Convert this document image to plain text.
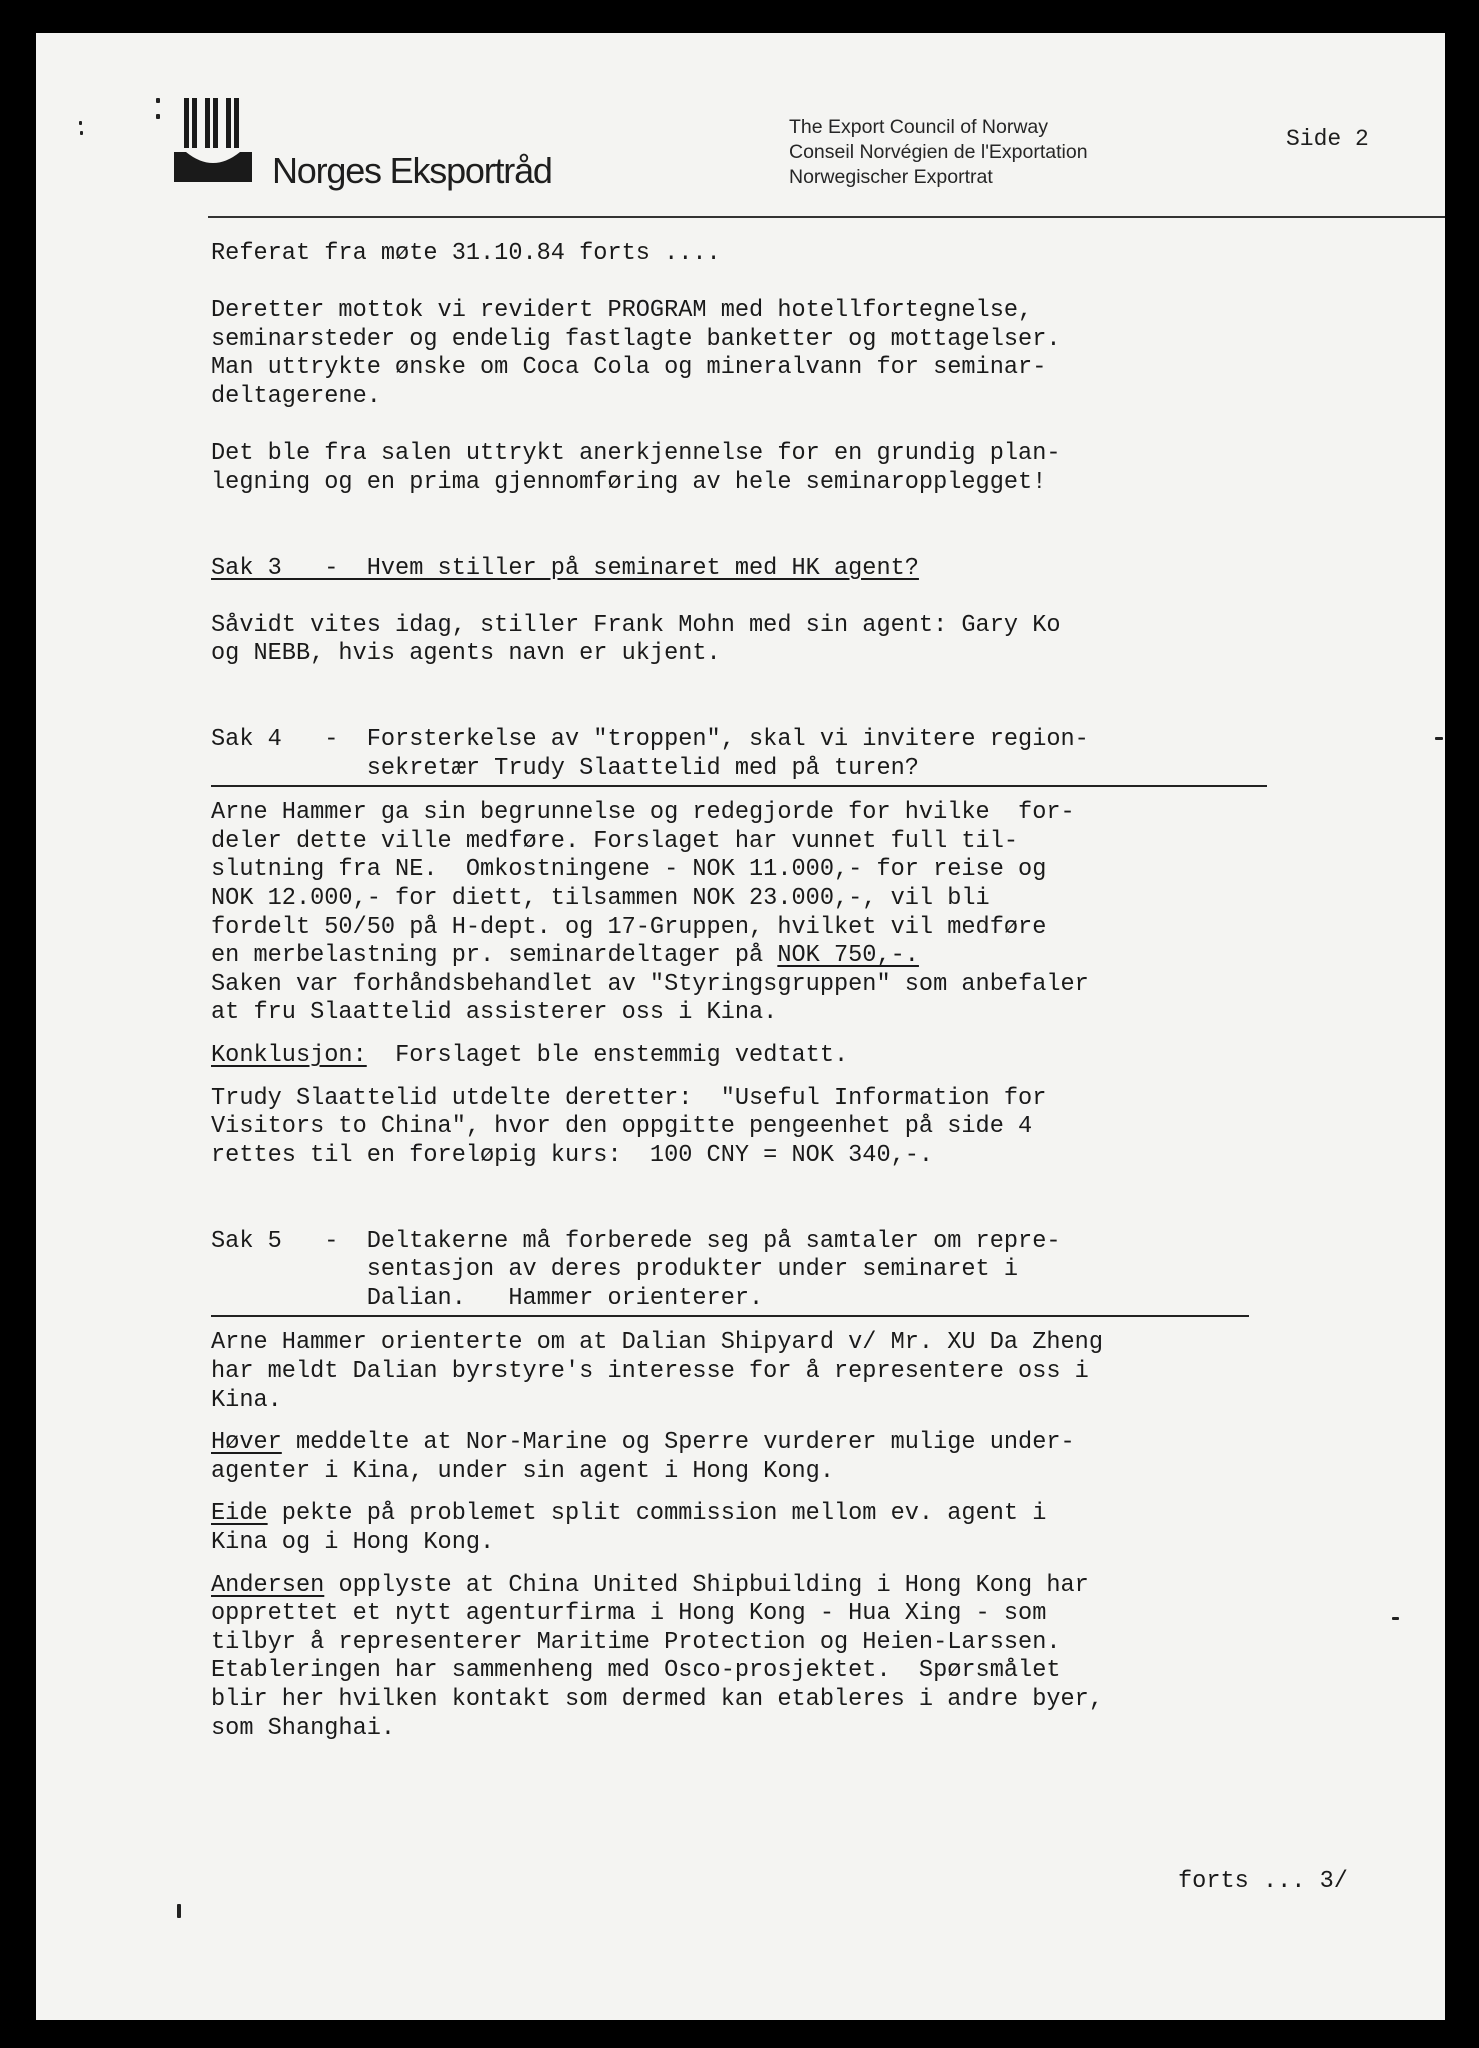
Norges Eksportråd
The Export Council of Norway
Conseil Norvégien de l'Exportation
Norwegischer Exportrat
Side 2
Referat fra møte 31.10.84 forts ....
Deretter mottok vi revidert PROGRAM med hotellfortegnelse,
seminarsteder og endelig fastlagte banketter og mottagelser.
Man uttrykte ønske om Coca Cola og mineralvann for seminar-
deltagerene.
Det ble fra salen uttrykt anerkjennelse for en grundig plan-
legning og en prima gjennomføring av hele seminaropplegget!
Sak 3   -  Hvem stiller på seminaret med HK agent?
Såvidt vites idag, stiller Frank Mohn med sin agent: Gary Ko
og NEBB, hvis agents navn er ukjent.
Sak 4   -  Forsterkelse av "troppen", skal vi invitere region-
sekretær Trudy Slaattelid med på turen?
Arne Hammer ga sin begrunnelse og redegjorde for hvilke  for-
deler dette ville medføre. Forslaget har vunnet full til-
slutning fra NE.  Omkostningene - NOK 11.000,- for reise og
NOK 12.000,- for diett, tilsammen NOK 23.000,-, vil bli
fordelt 50/50 på H-dept. og 17-Gruppen, hvilket vil medføre
en merbelastning pr. seminardeltager på NOK 750,-.
Saken var forhåndsbehandlet av "Styringsgruppen" som anbefaler
at fru Slaattelid assisterer oss i Kina.
Konklusjon:  Forslaget ble enstemmig vedtatt.
Trudy Slaattelid utdelte deretter:  "Useful Information for
Visitors to China", hvor den oppgitte pengeenhet på side 4
rettes til en foreløpig kurs:  100 CNY = NOK 340,-.
Sak 5   -  Deltakerne må forberede seg på samtaler om repre-
sentasjon av deres produkter under seminaret i
Dalian.   Hammer orienterer.
Arne Hammer orienterte om at Dalian Shipyard v/ Mr. XU Da Zheng
har meldt Dalian byrstyre's interesse for å representere oss i
Kina.
Høver meddelte at Nor-Marine og Sperre vurderer mulige under-
agenter i Kina, under sin agent i Hong Kong.
Eide pekte på problemet split commission mellom ev. agent i
Kina og i Hong Kong.
Andersen opplyste at China United Shipbuilding i Hong Kong har
opprettet et nytt agenturfirma i Hong Kong - Hua Xing - som
tilbyr å representerer Maritime Protection og Heien-Larssen.
Etableringen har sammenheng med Osco-prosjektet.  Spørsmålet
blir her hvilken kontakt som dermed kan etableres i andre byer,
som Shanghai.
forts ... 3/
